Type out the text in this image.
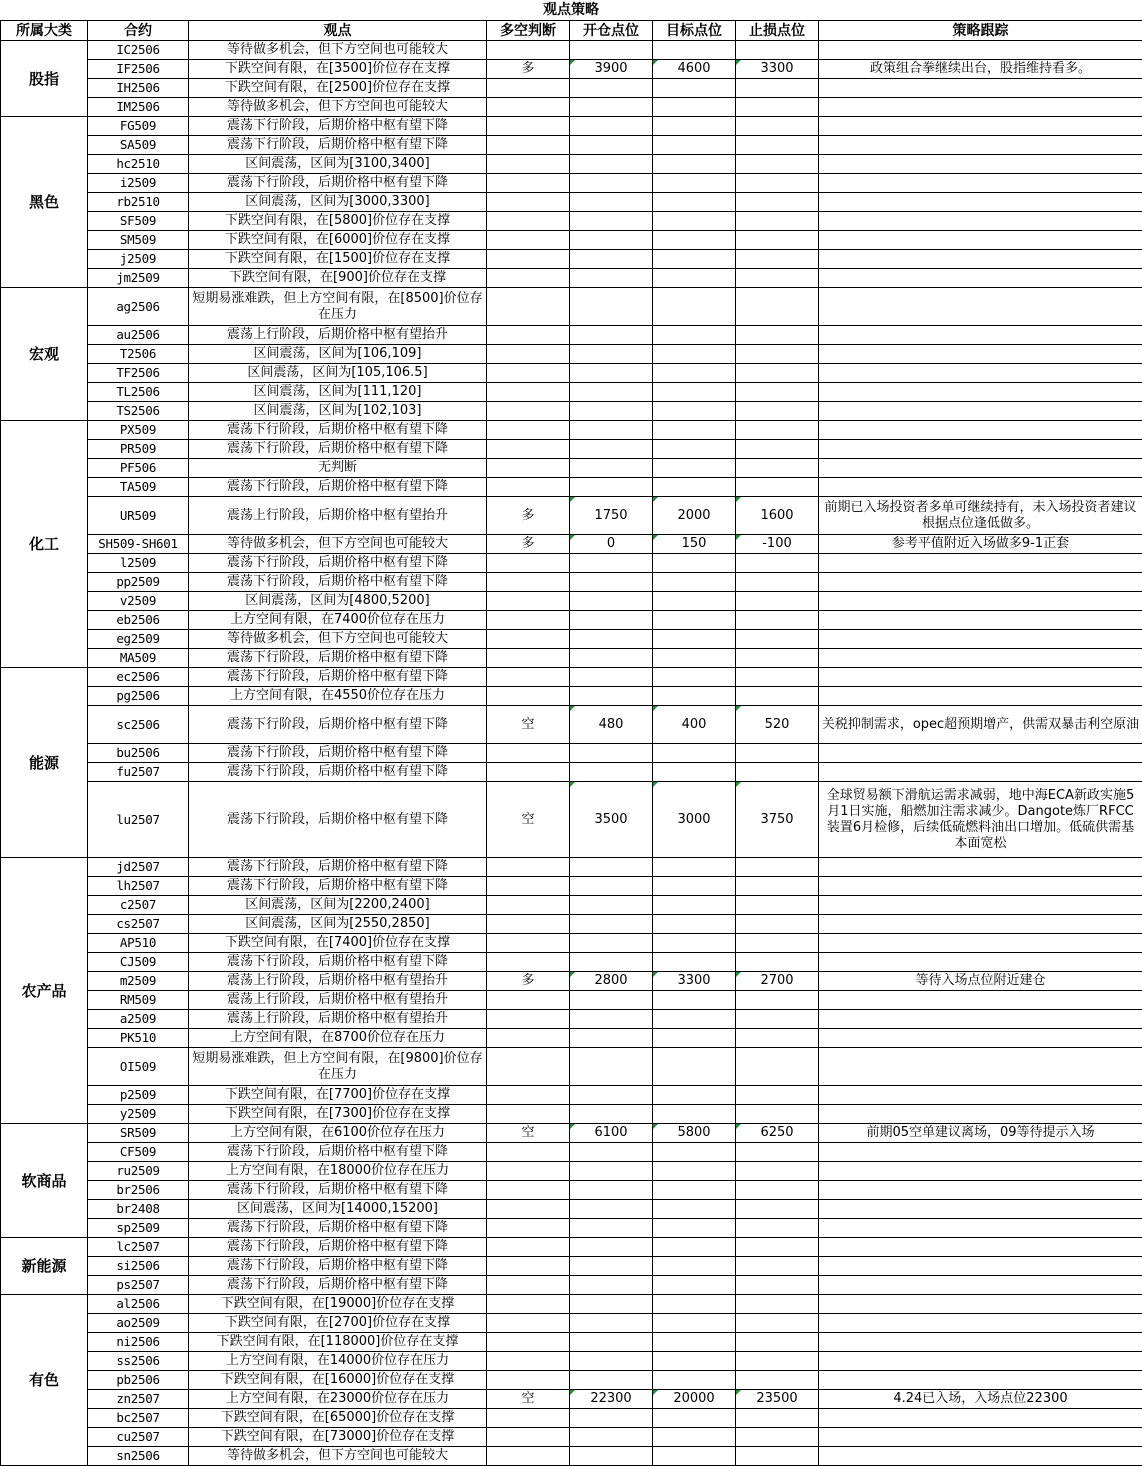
观点策略
所属大类	合约	观点	多空判断	开仓点位	目标点位	止损点位	策略跟踪
股指	IC2506	等待做多机会，但下方空间也可能较大					
	IF2506	下跌空间有限，在[3500]价位存在支撑	多	3900	4600	3300	政策组合拳继续出台，股指维持看多。
	IH2506	下跌空间有限，在[2500]价位存在支撑					
	IM2506	等待做多机会，但下方空间也可能较大					
黑色	FG509	震荡下行阶段，后期价格中枢有望下降					
	SA509	震荡下行阶段，后期价格中枢有望下降					
	hc2510	区间震荡，区间为[3100,3400]					
	i2509	震荡下行阶段，后期价格中枢有望下降					
	rb2510	区间震荡，区间为[3000,3300]					
	SF509	下跌空间有限，在[5800]价位存在支撑					
	SM509	下跌空间有限，在[6000]价位存在支撑					
	j2509	下跌空间有限，在[1500]价位存在支撑					
	jm2509	下跌空间有限，在[900]价位存在支撑					
宏观	ag2506	短期易涨难跌，但上方空间有限，在[8500]价位存在压力					
	au2506	震荡上行阶段，后期价格中枢有望抬升					
	T2506	区间震荡，区间为[106,109]					
	TF2506	区间震荡，区间为[105,106.5]					
	TL2506	区间震荡，区间为[111,120]					
	TS2506	区间震荡，区间为[102,103]					
化工	PX509	震荡下行阶段，后期价格中枢有望下降					
	PR509	震荡下行阶段，后期价格中枢有望下降					
	PF506	无判断					
	TA509	震荡下行阶段，后期价格中枢有望下降					
	UR509	震荡上行阶段，后期价格中枢有望抬升	多	1750	2000	1600	前期已入场投资者多单可继续持有，未入场投资者建议根据点位逢低做多。
	SH509-SH601	等待做多机会，但下方空间也可能较大	多	0	150	-100	参考平值附近入场做多9-1正套
	l2509	震荡下行阶段，后期价格中枢有望下降					
	pp2509	震荡下行阶段，后期价格中枢有望下降					
	v2509	区间震荡，区间为[4800,5200]					
	eb2506	上方空间有限，在7400价位存在压力					
	eg2509	等待做多机会，但下方空间也可能较大					
	MA509	震荡下行阶段，后期价格中枢有望下降					
能源	ec2506	震荡下行阶段，后期价格中枢有望下降					
	pg2506	上方空间有限，在4550价位存在压力					
	sc2506	震荡下行阶段，后期价格中枢有望下降	空	480	400	520	关税抑制需求，opec超预期增产，供需双暴击利空原油
	bu2506	震荡下行阶段，后期价格中枢有望下降					
	fu2507	震荡下行阶段，后期价格中枢有望下降					
	lu2507	震荡下行阶段，后期价格中枢有望下降	空	3500	3000	3750	全球贸易额下滑航运需求减弱，地中海ECA新政实施5月1日实施，船燃加注需求减少。Dangote炼厂RFCC装置6月检修，后续低硫燃料油出口增加。低硫供需基本面宽松
农产品	jd2507	震荡下行阶段，后期价格中枢有望下降					
	lh2507	震荡下行阶段，后期价格中枢有望下降					
	c2507	区间震荡，区间为[2200,2400]					
	cs2507	区间震荡，区间为[2550,2850]					
	AP510	下跌空间有限，在[7400]价位存在支撑					
	CJ509	震荡下行阶段，后期价格中枢有望下降					
	m2509	震荡上行阶段，后期价格中枢有望抬升	多	2800	3300	2700	等待入场点位附近建仓
	RM509	震荡上行阶段，后期价格中枢有望抬升					
	a2509	震荡上行阶段，后期价格中枢有望抬升					
	PK510	上方空间有限，在8700价位存在压力					
	OI509	短期易涨难跌，但上方空间有限，在[9800]价位存在压力					
	p2509	下跌空间有限，在[7700]价位存在支撑					
	y2509	下跌空间有限，在[7300]价位存在支撑					
软商品	SR509	上方空间有限，在6100价位存在压力	空	6100	5800	6250	前期05空单建议离场，09等待提示入场
	CF509	震荡下行阶段，后期价格中枢有望下降					
	ru2509	上方空间有限，在18000价位存在压力					
	br2506	震荡下行阶段，后期价格中枢有望下降					
	br2408	区间震荡，区间为[14000,15200]					
	sp2509	震荡下行阶段，后期价格中枢有望下降					
新能源	lc2507	震荡下行阶段，后期价格中枢有望下降					
	si2506	震荡下行阶段，后期价格中枢有望下降					
	ps2507	震荡下行阶段，后期价格中枢有望下降					
有色	al2506	下跌空间有限，在[19000]价位存在支撑					
	ao2509	下跌空间有限，在[2700]价位存在支撑					
	ni2506	下跌空间有限，在[118000]价位存在支撑					
	ss2506	上方空间有限，在14000价位存在压力					
	pb2506	下跌空间有限，在[16000]价位存在支撑					
	zn2507	上方空间有限，在23000价位存在压力	空	22300	20000	23500	4.24已入场，入场点位22300
	bc2507	下跌空间有限，在[65000]价位存在支撑					
	cu2507	下跌空间有限，在[73000]价位存在支撑					
	sn2506	等待做多机会，但下方空间也可能较大					
